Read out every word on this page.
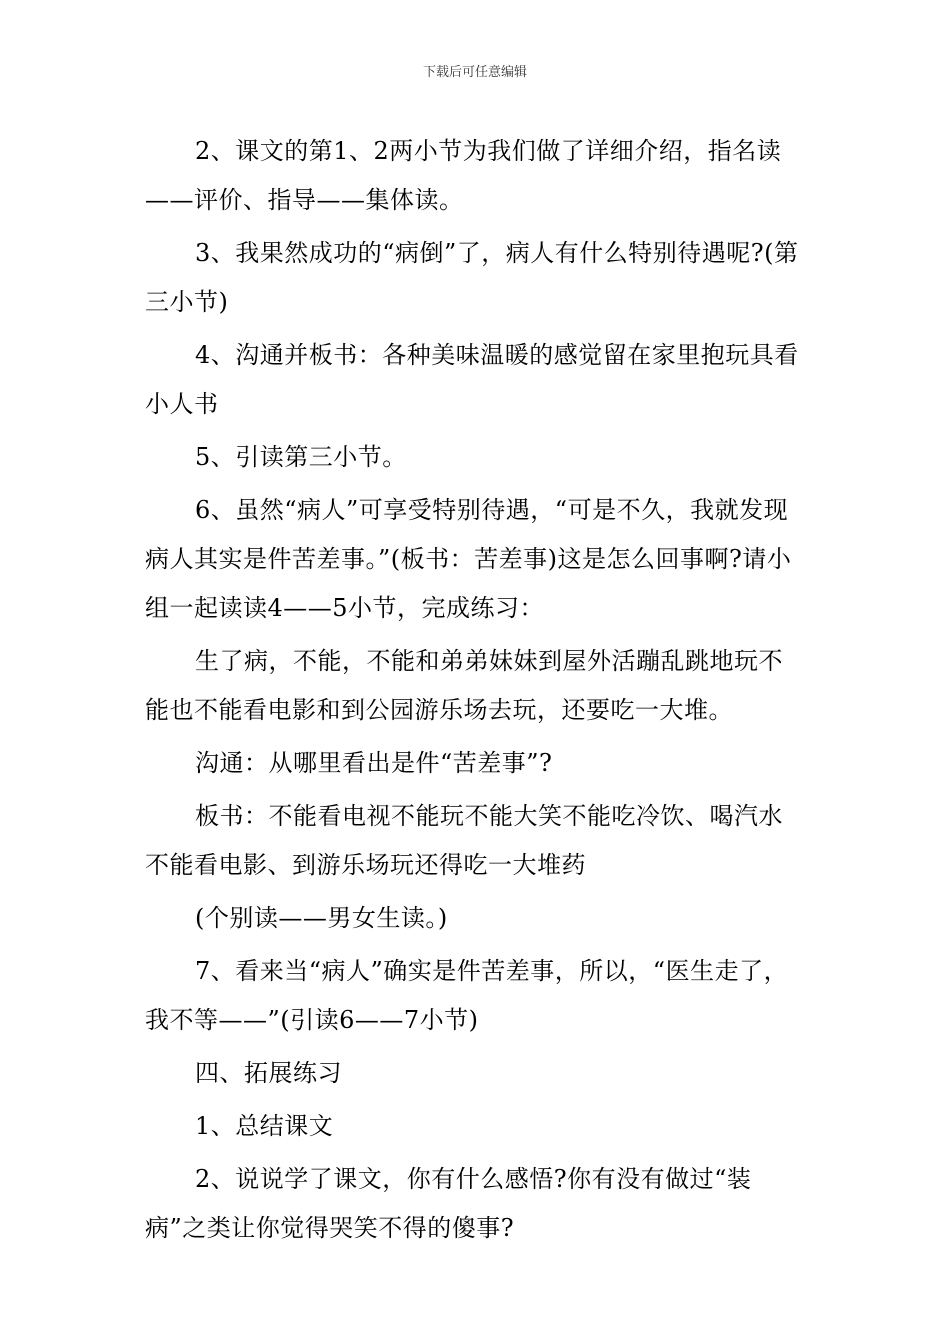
下载后可任意编辑

2、课文的第1、2两小节为我们做了详细介绍，指名读——评价、指导——集体读。

3、我果然成功的“病倒”了，病人有什么特别待遇呢?(第三小节)

4、沟通并板书：各种美味温暖的感觉留在家里抱玩具看小人书

5、引读第三小节。

6、虽然“病人”可享受特别待遇，“可是不久，我就发现病人其实是件苦差事。”(板书：苦差事)这是怎么回事啊?请小组一起读读4——5小节，完成练习：

生了病，不能，不能和弟弟妹妹到屋外活蹦乱跳地玩不能也不能看电影和到公园游乐场去玩，还要吃一大堆。

沟通：从哪里看出是件“苦差事”?

板书：不能看电视不能玩不能大笑不能吃冷饮、喝汽水不能看电影、到游乐场玩还得吃一大堆药

(个别读——男女生读。)

7、看来当“病人”确实是件苦差事，所以，“医生走了，我不等——”(引读6——7小节)

四、拓展练习

1、总结课文

2、说说学了课文，你有什么感悟?你有没有做过“装病”之类让你觉得哭笑不得的傻事?
